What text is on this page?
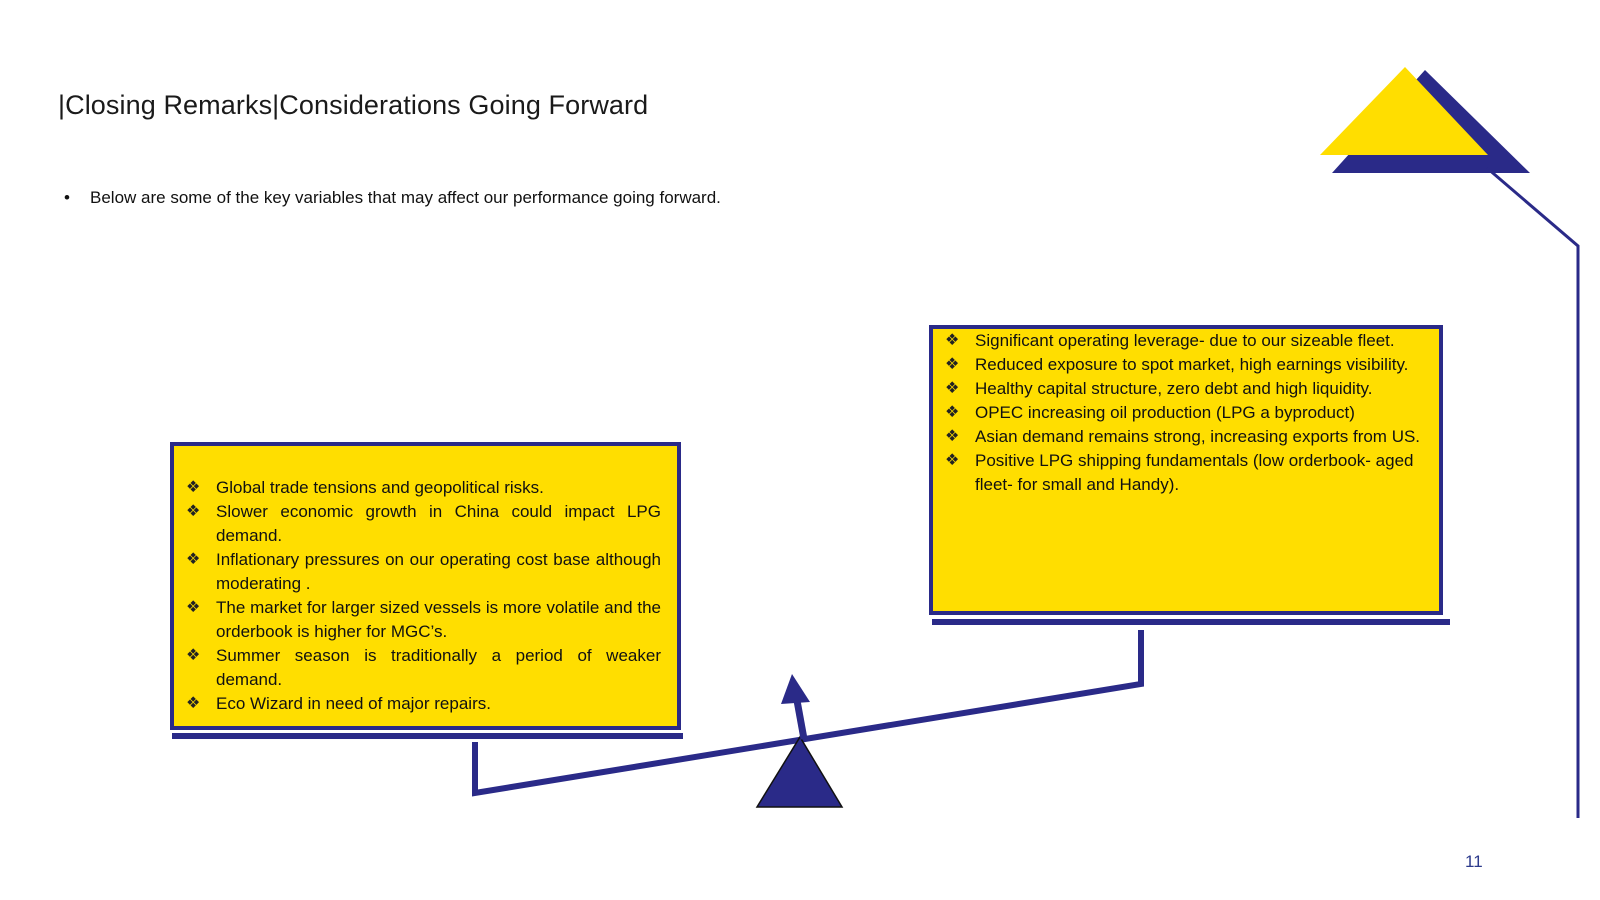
|Closing Remarks|Considerations Going Forward
• Below are some of the key variables that may affect our performance going forward.
❖ Global trade tensions and geopolitical risks.
❖ Slower economic growth in China could impact LPG demand.
❖ Inflationary pressures on our operating cost base although moderating .
❖ The market for larger sized vessels is more volatile and the orderbook is higher for MGC’s.
❖ Summer season is traditionally a period of weaker demand.
❖ Eco Wizard in need of major repairs.
❖ Significant operating leverage- due to our sizeable fleet.
❖ Reduced exposure to spot market, high earnings visibility.
❖ Healthy capital structure, zero debt and high liquidity.
❖ OPEC increasing oil production (LPG a byproduct)
❖ Asian demand remains strong, increasing exports from US.
❖ Positive LPG shipping fundamentals (low orderbook- aged fleet- for small and Handy).
11
